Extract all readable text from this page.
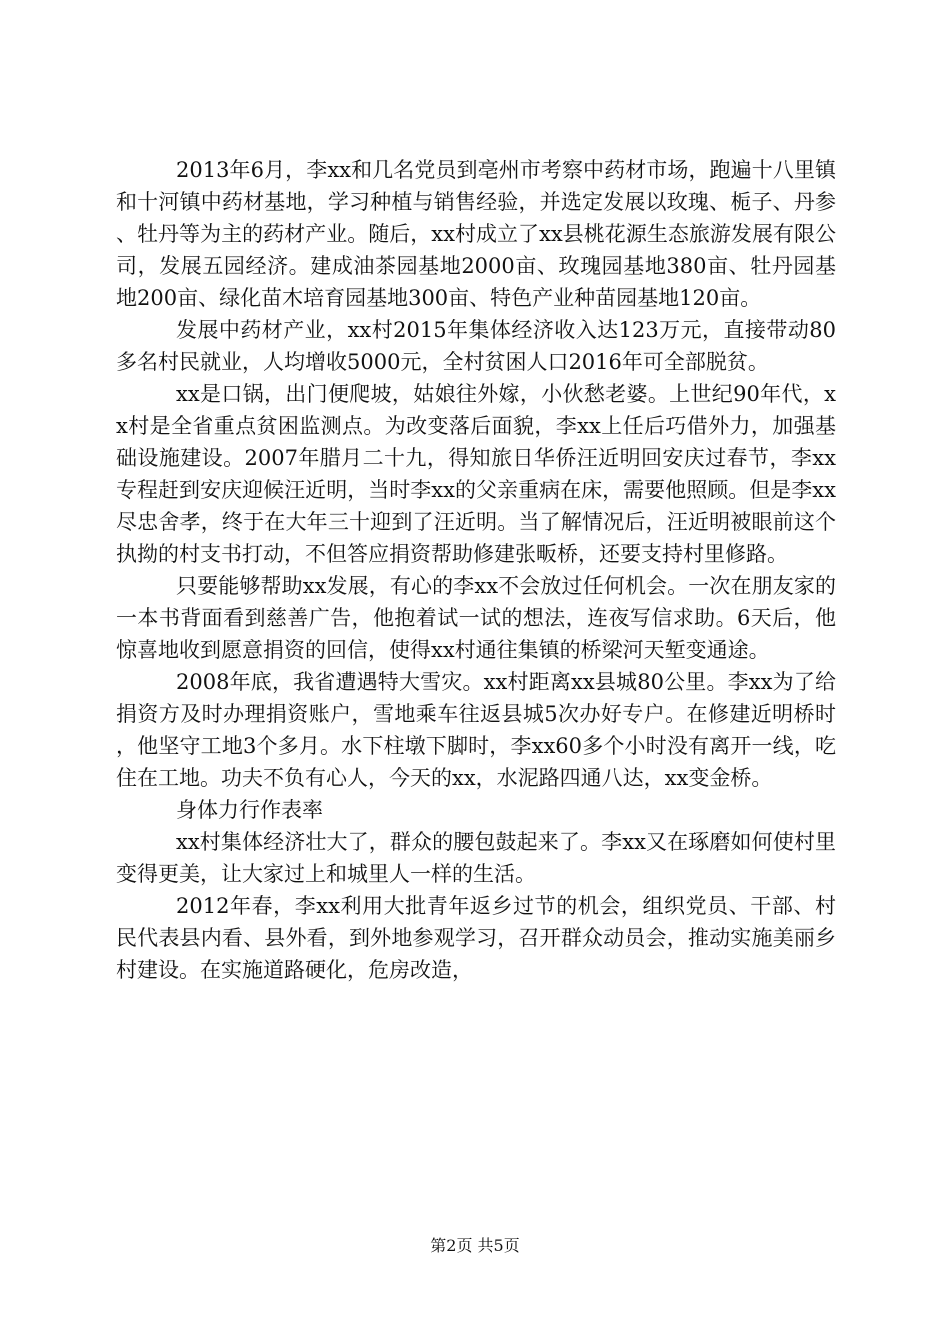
2013年6月，李xx和几名党员到亳州市考察中药材市场，跑遍十八里镇和十河镇中药材基地，学习种植与销售经验，并选定发展以玫瑰、栀子、丹参、牡丹等为主的药材产业。随后，xx村成立了xx县桃花源生态旅游发展有限公司，发展五园经济。建成油茶园基地2000亩、玫瑰园基地380亩、牡丹园基地200亩、绿化苗木培育园基地300亩、特色产业种苗园基地120亩。

发展中药材产业，xx村2015年集体经济收入达123万元，直接带动80多名村民就业，人均增收5000元，全村贫困人口2016年可全部脱贫。

xx是口锅，出门便爬坡，姑娘往外嫁，小伙愁老婆。上世纪90年代，xx村是全省重点贫困监测点。为改变落后面貌，李xx上任后巧借外力，加强基础设施建设。2007年腊月二十九，得知旅日华侨汪近明回安庆过春节，李xx专程赶到安庆迎候汪近明，当时李xx的父亲重病在床，需要他照顾。但是李xx尽忠舍孝，终于在大年三十迎到了汪近明。当了解情况后，汪近明被眼前这个执拗的村支书打动，不但答应捐资帮助修建张畈桥，还要支持村里修路。

只要能够帮助xx发展，有心的李xx不会放过任何机会。一次在朋友家的一本书背面看到慈善广告，他抱着试一试的想法，连夜写信求助。6天后，他惊喜地收到愿意捐资的回信，使得xx村通往集镇的桥梁河天堑变通途。

2008年底，我省遭遇特大雪灾。xx村距离xx县城80公里。李xx为了给捐资方及时办理捐资账户，雪地乘车往返县城5次办好专户。在修建近明桥时，他坚守工地3个多月。水下柱墩下脚时，李xx60多个小时没有离开一线，吃住在工地。功夫不负有心人，今天的xx，水泥路四通八达，xx变金桥。

身体力行作表率

xx村集体经济壮大了，群众的腰包鼓起来了。李xx又在琢磨如何使村里变得更美，让大家过上和城里人一样的生活。

2012年春，李xx利用大批青年返乡过节的机会，组织党员、干部、村民代表县内看、县外看，到外地参观学习，召开群众动员会，推动实施美丽乡村建设。在实施道路硬化，危房改造，

第2页 共5页
